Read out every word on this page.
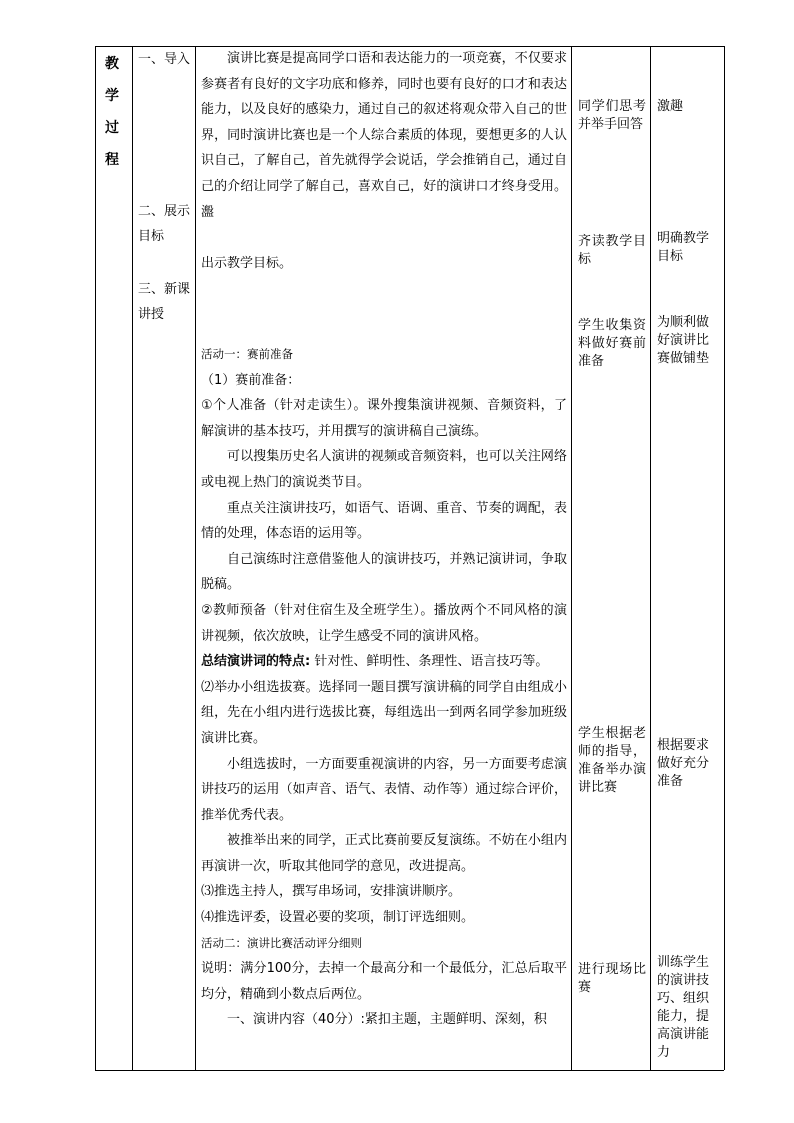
教
学
过
程
一、导入
二、展示目标
三、新课讲授

演讲比赛是提高同学口语和表达能力的一项竞赛，不仅要求参赛者有良好的文字功底和修养，同时也要有良好的口才和表达能力，以及良好的感染力，通过自己的叙述将观众带入自己的世界，同时演讲比赛也是一个人综合素质的体现，要想更多的人认识自己，了解自己，首先就得学会说话，学会推销自己，通过自己的介绍让同学了解自己，喜欢自己，好的演讲口才终身受用。瀊

出示教学目标。

活动一：赛前准备

（1）赛前准备：

①个人准备（针对走读生）。课外搜集演讲视频、音频资料，了解演讲的基本技巧，并用撰写的演讲稿自己演练。

可以搜集历史名人演讲的视频或音频资料，也可以关注网络或电视上热门的演说类节目。

重点关注演讲技巧，如语气、语调、重音、节奏的调配，表情的处理，体态语的运用等。

自己演练时注意借鉴他人的演讲技巧，并熟记演讲词，争取脱稿。

②教师预备（针对住宿生及全班学生）。播放两个不同风格的演讲视频，依次放映，让学生感受不同的演讲风格。

总结演讲词的特点: 针对性、鲜明性、条理性、语言技巧等。

⑵举办小组选拔赛。选择同一题目撰写演讲稿的同学自由组成小组，先在小组内进行选拔比赛，每组选出一到两名同学参加班级演讲比赛。

小组选拔时，一方面要重视演讲的内容，另一方面要考虑演讲技巧的运用（如声音、语气、表情、动作等）通过综合评价，推举优秀代表。

被推举出来的同学，正式比赛前要反复演练。不妨在小组内再演讲一次，听取其他同学的意见，改进提高。

⑶推选主持人，撰写串场词，安排演讲顺序。

⑷推选评委，设置必要的奖项，制订评选细则。

活动二：演讲比赛活动评分细则

说明：满分100分，去掉一个最高分和一个最低分，汇总后取平均分，精确到小数点后两位。

一、演讲内容（40分）:紧扣主题，主题鲜明、深刻，积

同学们思考并举手回答
齐读教学目标
学生收集资料做好赛前准备
学生根据老师的指导，准备举办演讲比赛
进行现场比赛
激趣
明确教学目标
为顺利做好演讲比赛做铺垫
根据要求做好充分准备
训练学生的演讲技巧、组织能力，提高演讲能力
